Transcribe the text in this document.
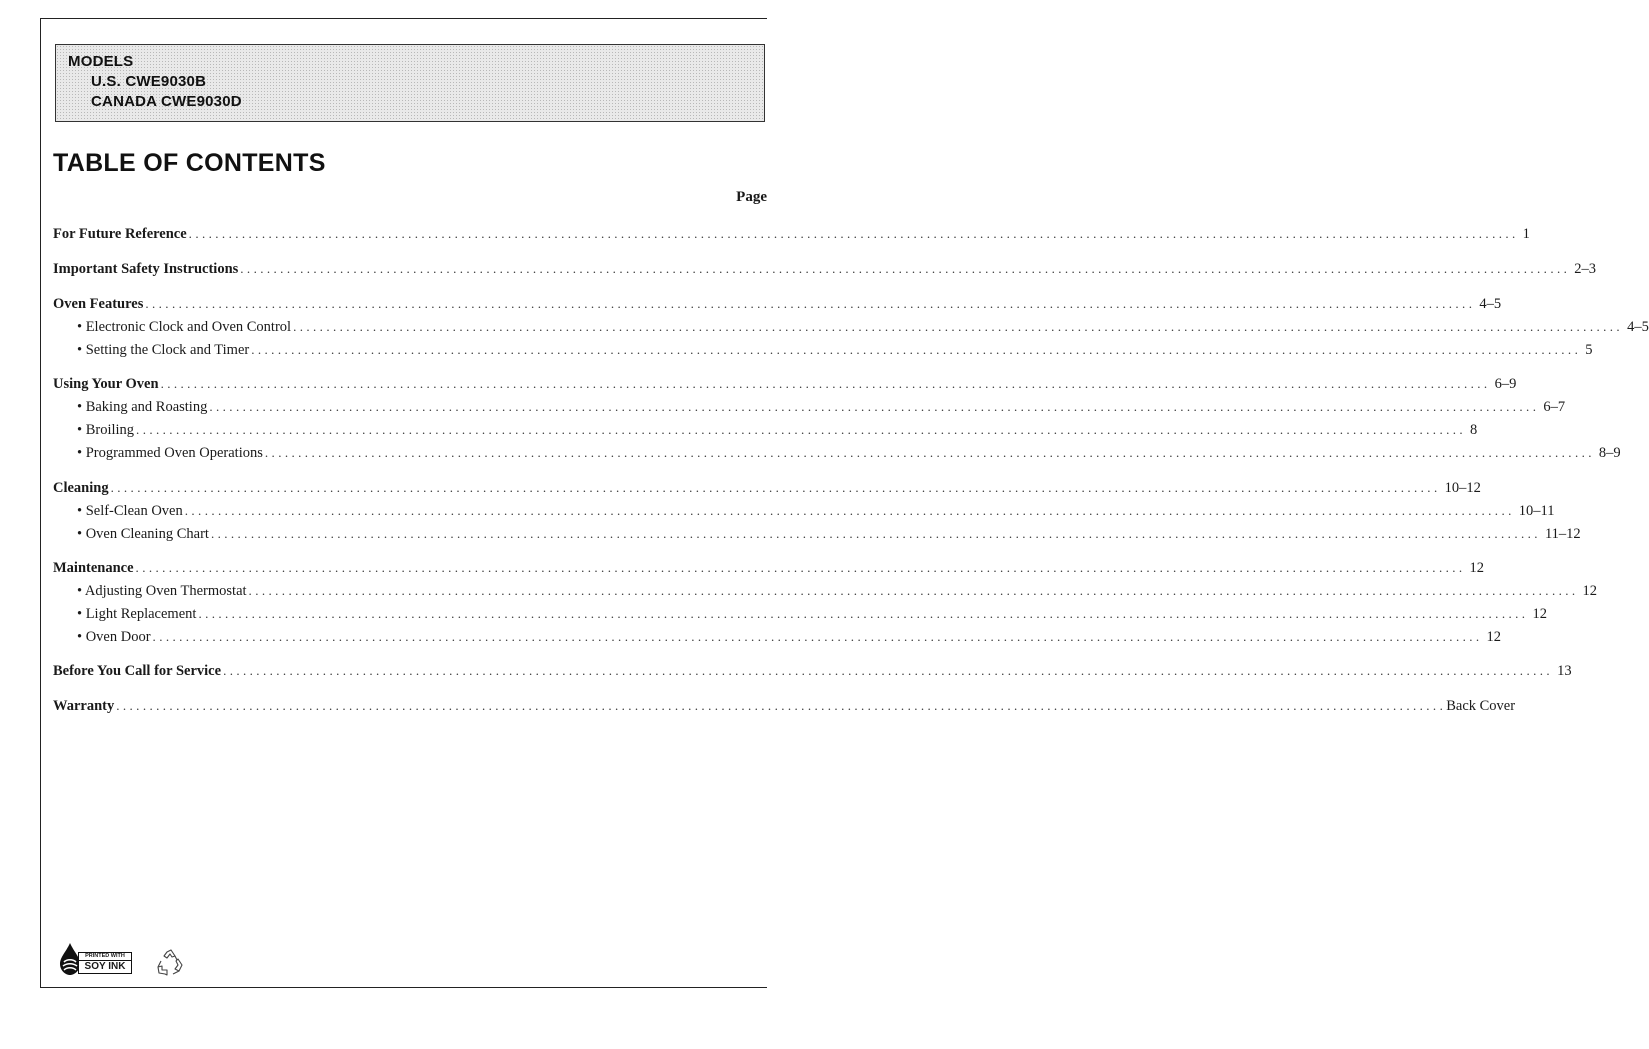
MODELS
U.S. CWE9030B
CANADA CWE9030D
TABLE OF CONTENTS
Page
For Future Reference ........................................................................................................................................................................................................ 1
Important Safety Instructions ........................................................................................................................................................................................................ 2–3
Oven Features ........................................................................................................................................................................................................ 4–5
• Electronic Clock and Oven Control ........................................................................................................................................................................................................ 4–5
• Setting the Clock and Timer ........................................................................................................................................................................................................ 5
Using Your Oven ........................................................................................................................................................................................................ 6–9
• Baking and Roasting ........................................................................................................................................................................................................ 6–7
• Broiling ........................................................................................................................................................................................................ 8
• Programmed Oven Operations ........................................................................................................................................................................................................ 8–9
Cleaning ........................................................................................................................................................................................................ 10–12
• Self-Clean Oven ........................................................................................................................................................................................................ 10–11
• Oven Cleaning Chart ........................................................................................................................................................................................................ 11–12
Maintenance ........................................................................................................................................................................................................ 12
• Adjusting Oven Thermostat ........................................................................................................................................................................................................ 12
• Light Replacement ........................................................................................................................................................................................................ 12
• Oven Door ........................................................................................................................................................................................................ 12
Before You Call for Service ........................................................................................................................................................................................................ 13
Warranty ........................................................................................................................................................................................................ Back Cover
PRINTED WITH
SOY INK
